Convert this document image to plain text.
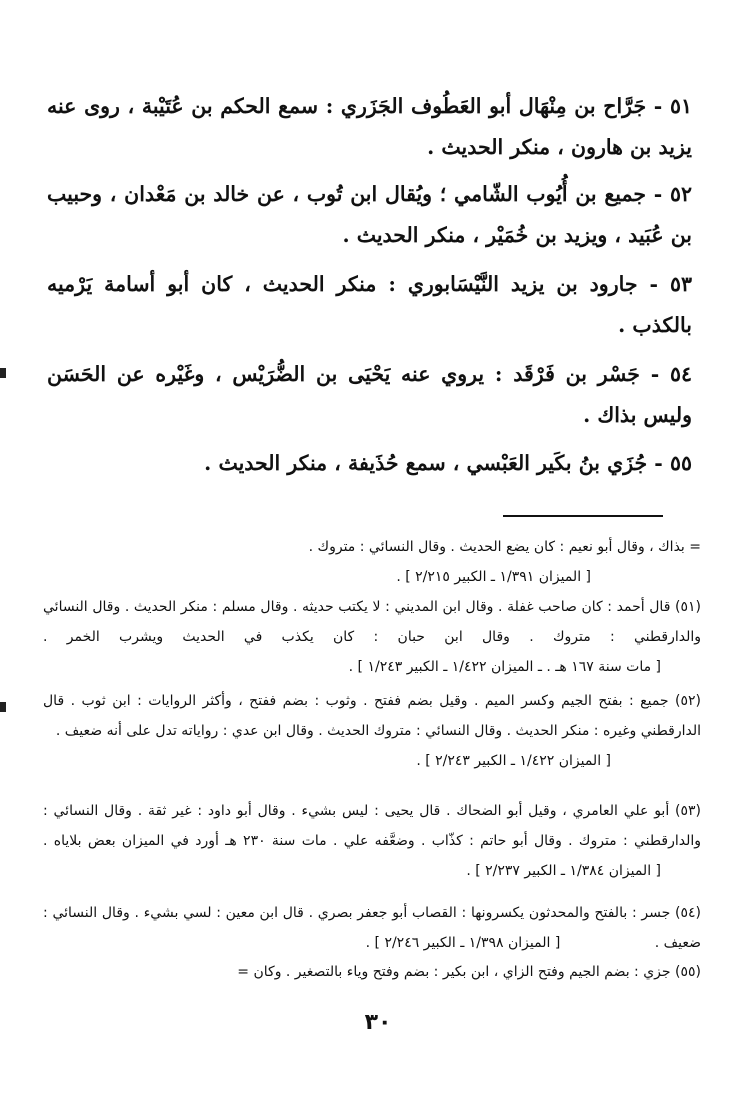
٥١ - جَرَّاح بن مِنْهَال أبو العَطُوف الجَزَري : سمع الحكم بن عُتَيْبة ، روى عنه يزيد بن هارون ، منكر الحديث .

٥٢ - جميع بن أُيُوب الشّامي ؛ ويُقال ابن تُوب ، عن خالد بن مَعْدان ، وحبيب بن عُبَيد ، ويزيد بن خُمَيْر ، منكر الحديث .

٥٣ - جارود بن يزيد النَّيْسَابوري : منكر الحديث ، كان أبو أسامة يَرْميه بالكذب .

٥٤ - جَسْر بن فَرْقَد : يروي عنه يَحْيَى بن الضُّرَيْس ، وغَيْره عن الحَسَن وليس بذاك .

٥٥ - جُزَي بنُ بكَير العَبْسي ، سمع حُذَيفة ، منكر الحديث .

= بذاك ، وقال أبو نعيم : كان يضع الحديث . وقال النسائي : متروك .
[ الميزان ١/٣٩١ ـ الكبير ٢/٢١٥ ] .

(٥١) قال أحمد : كان صاحب غفلة . وقال ابن المديني : لا يكتب حديثه . وقال مسلم : منكر الحديث . وقال النسائي والدارقطني : متروك . وقال ابن حبان : كان يكذب في الحديث ويشرب الخمر . [ مات سنة ١٦٧ هـ . ـ الميزان ١/٤٢٢ ـ الكبير ١/٢٤٣ ] .

(٥٢) جميع : بفتح الجيم وكسر الميم . وقيل بضم ففتح . وثوب : بضم ففتح ، وأكثر الروايات : ابن ثوب . قال الدارقطني وغيره : منكر الحديث . وقال النسائي : متروك الحديث . وقال ابن عدي : رواياته تدل على أنه ضعيف .
[ الميزان ١/٤٢٢ ـ الكبير ٢/٢٤٣ ] .

(٥٣) أبو علي العامري ، وقيل أبو الضحاك . قال يحيى : ليس بشيء . وقال أبو داود : غير ثقة . وقال النسائي : والدارقطني : متروك . وقال أبو حاتم : كذّاب . وضعَّفه علي . مات سنة ٢٣٠ هـ أورد في الميزان بعض بلاياه . [ الميزان ١/٣٨٤ ـ الكبير ٢/٢٣٧ ] .

(٥٤) جسر : بالفتح والمحدثون يكسرونها : القصاب أبو جعفر بصري . قال ابن معين : لسي بشيء . وقال النسائي : ضعيف . [ الميزان ١/٣٩٨ ـ الكبير ٢/٢٤٦ ] .

(٥٥) جزي : بضم الجيم وفتح الزاي ، ابن بكير : بضم وفتح وياء بالتصغير . وكان =

٣٠
